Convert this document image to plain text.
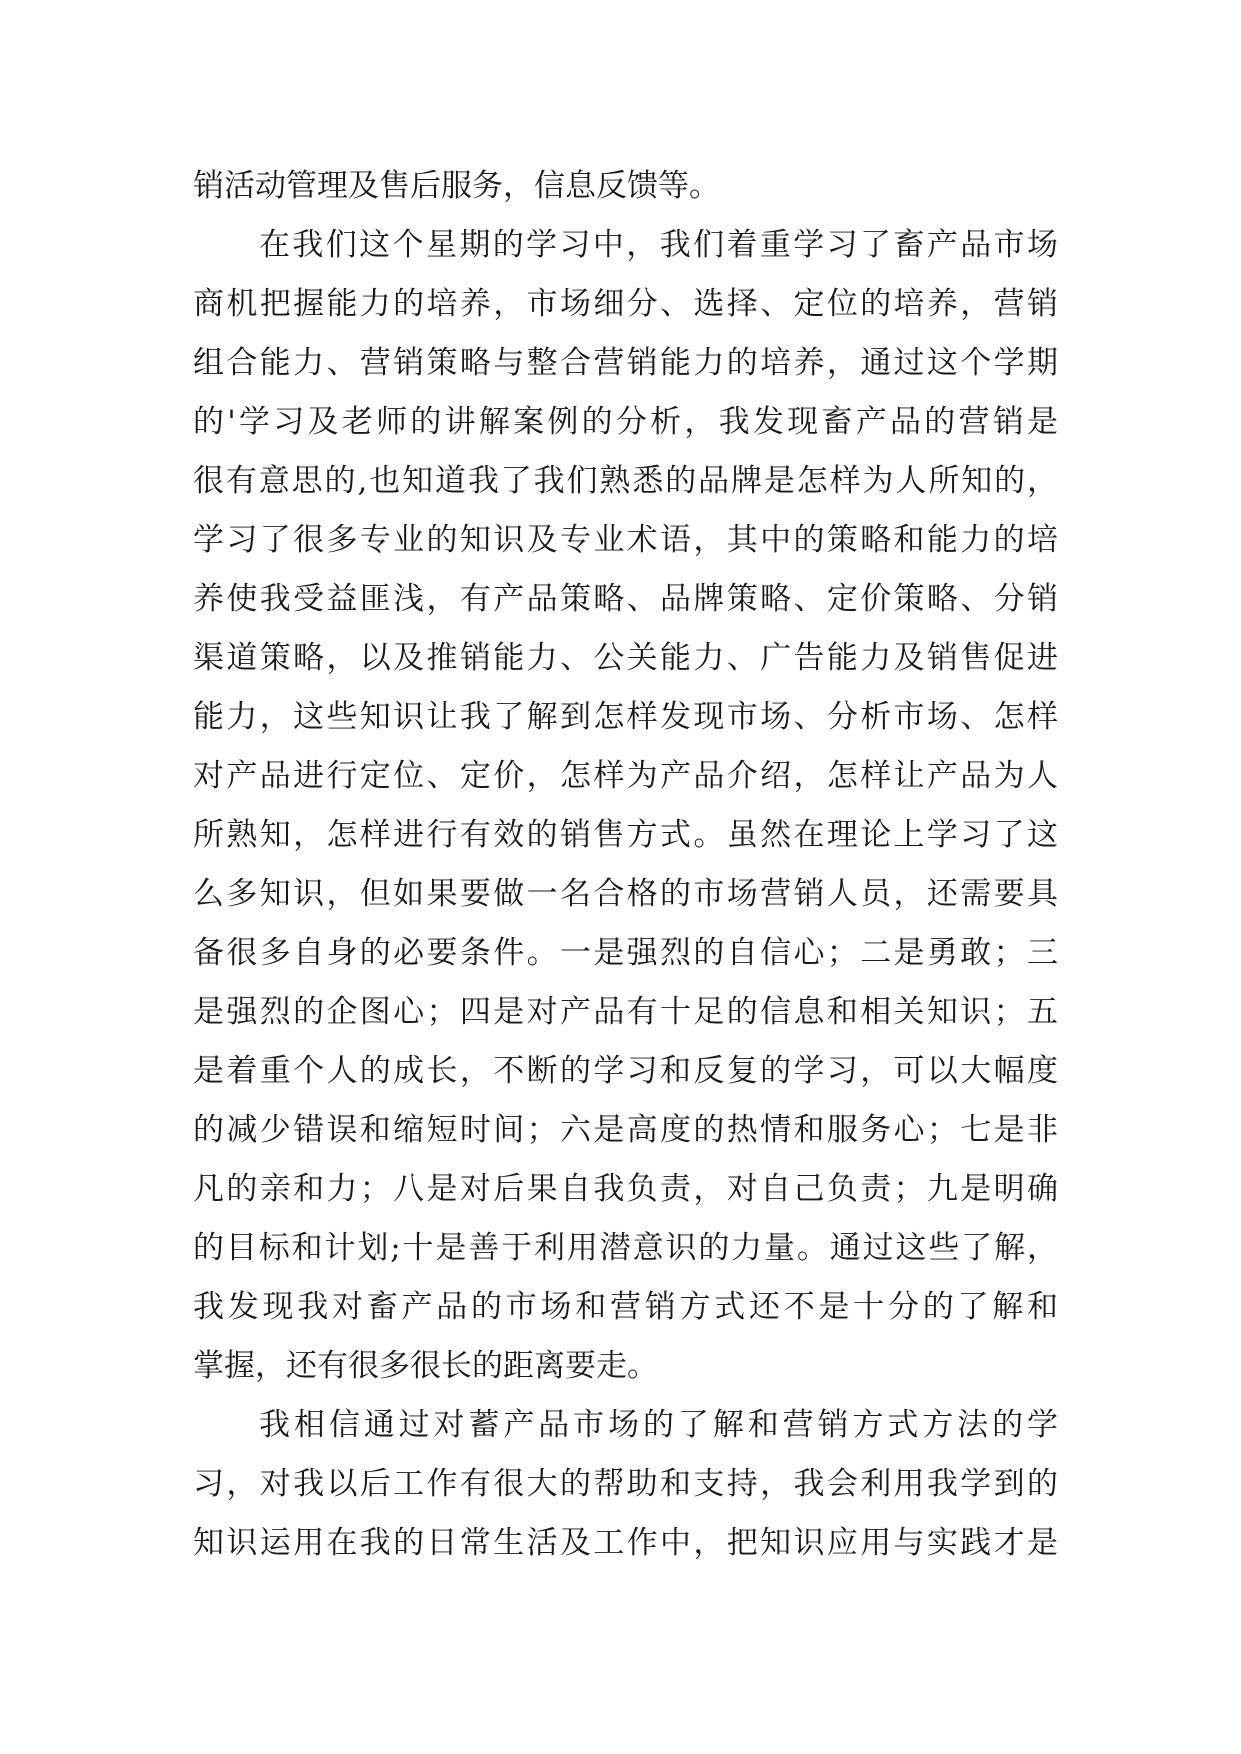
销活动管理及售后服务，信息反馈等。
在我们这个星期的学习中，我们着重学习了畜产品市场
商机把握能力的培养，市场细分、选择、定位的培养，营销
组合能力、营销策略与整合营销能力的培养，通过这个学期
的'学习及老师的讲解案例的分析，我发现畜产品的营销是
很有意思的,也知道我了我们熟悉的品牌是怎样为人所知的，
学习了很多专业的知识及专业术语，其中的策略和能力的培
养使我受益匪浅，有产品策略、品牌策略、定价策略、分销
渠道策略，以及推销能力、公关能力、广告能力及销售促进
能力，这些知识让我了解到怎样发现市场、分析市场、怎样
对产品进行定位、定价，怎样为产品介绍，怎样让产品为人
所熟知，怎样进行有效的销售方式。虽然在理论上学习了这
么多知识，但如果要做一名合格的市场营销人员，还需要具
备很多自身的必要条件。一是强烈的自信心；二是勇敢；三
是强烈的企图心；四是对产品有十足的信息和相关知识；五
是着重个人的成长，不断的学习和反复的学习，可以大幅度
的减少错误和缩短时间；六是高度的热情和服务心；七是非
凡的亲和力；八是对后果自我负责，对自己负责；九是明确
的目标和计划;十是善于利用潜意识的力量。通过这些了解，
我发现我对畜产品的市场和营销方式还不是十分的了解和
掌握，还有很多很长的距离要走。
我相信通过对蓄产品市场的了解和营销方式方法的学
习，对我以后工作有很大的帮助和支持，我会利用我学到的
知识运用在我的日常生活及工作中，把知识应用与实践才是
